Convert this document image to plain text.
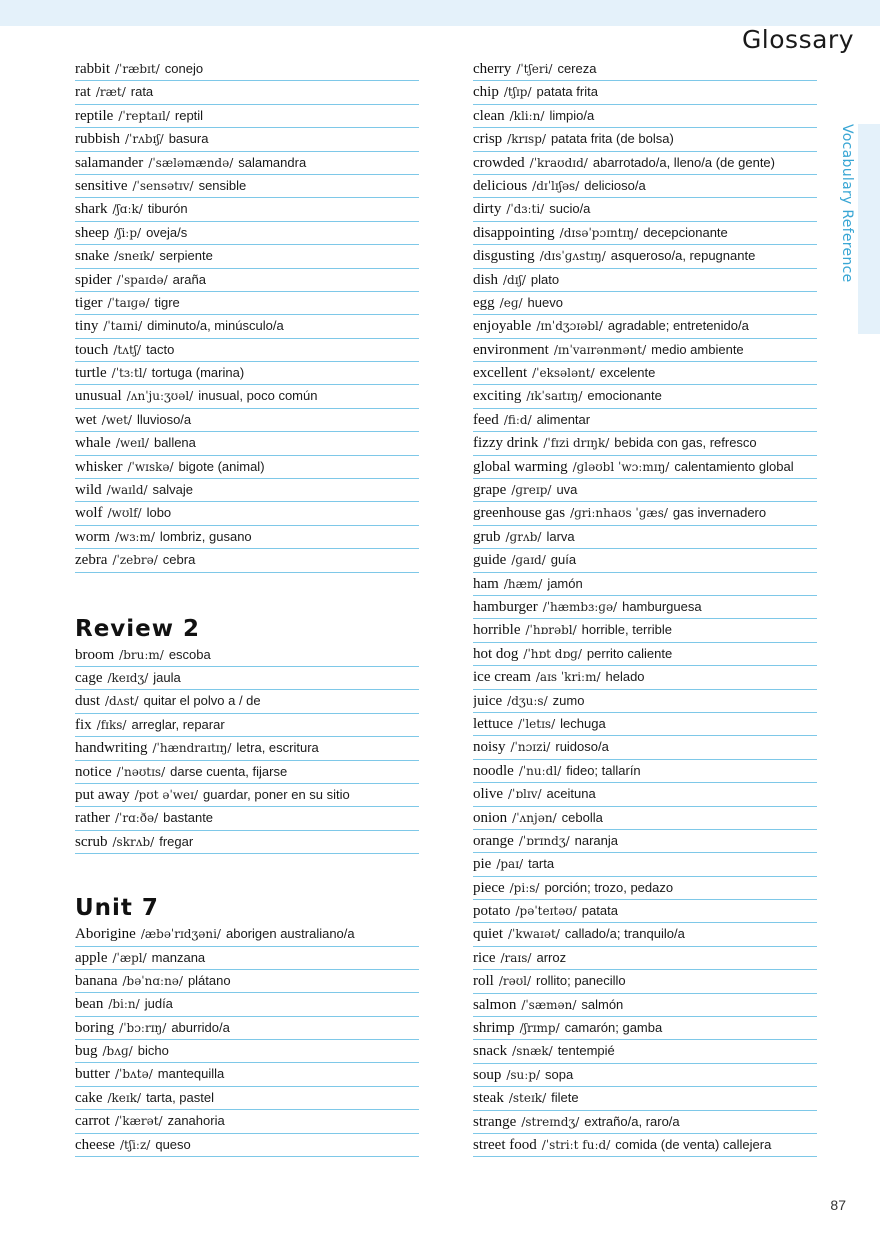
Glossary
Vocabulary Reference
rabbit /ˈræbɪt/ conejo
rat /ræt/ rata
reptile /ˈreptaɪl/ reptil
rubbish /ˈrʌbɪʃ/ basura
salamander /ˈsæləmændə/ salamandra
sensitive /ˈsensətɪv/ sensible
shark /ʃɑːk/ tiburón
sheep /ʃiːp/ oveja/s
snake /sneɪk/ serpiente
spider /ˈspaɪdə/ araña
tiger /ˈtaɪɡə/ tigre
tiny /ˈtaɪni/ diminuto/a, minúsculo/a
touch /tʌtʃ/ tacto
turtle /ˈtɜːtl/ tortuga (marina)
unusual /ʌnˈjuːʒʊəl/ inusual, poco común
wet /wet/ lluvioso/a
whale /weɪl/ ballena
whisker /ˈwɪskə/ bigote (animal)
wild /waɪld/ salvaje
wolf /wʊlf/ lobo
worm /wɜːm/ lombriz, gusano
zebra /ˈzebrə/ cebra
Review 2
broom /bruːm/ escoba
cage /keɪdʒ/ jaula
dust /dʌst/ quitar el polvo a / de
fix /fɪks/ arreglar, reparar
handwriting /ˈhændraɪtɪŋ/ letra, escritura
notice /ˈnəʊtɪs/ darse cuenta, fijarse
put away /pʊt əˈweɪ/ guardar, poner en su sitio
rather /ˈrɑːðə/ bastante
scrub /skrʌb/ fregar
Unit 7
Aborigine /æbəˈrɪdʒəni/ aborigen australiano/a
apple /ˈæpl/ manzana
banana /bəˈnɑːnə/ plátano
bean /biːn/ judía
boring /ˈbɔːrɪŋ/ aburrido/a
bug /bʌɡ/ bicho
butter /ˈbʌtə/ mantequilla
cake /keɪk/ tarta, pastel
carrot /ˈkærət/ zanahoria
cheese /tʃiːz/ queso
cherry /ˈtʃeri/ cereza
chip /tʃɪp/ patata frita
clean /kliːn/ limpio/a
crisp /krɪsp/ patata frita (de bolsa)
crowded /ˈkraʊdɪd/ abarrotado/a, lleno/a (de gente)
delicious /dɪˈlɪʃəs/ delicioso/a
dirty /ˈdɜːti/ sucio/a
disappointing /dɪsəˈpɔɪntɪŋ/ decepcionante
disgusting /dɪsˈɡʌstɪŋ/ asqueroso/a, repugnante
dish /dɪʃ/ plato
egg /eɡ/ huevo
enjoyable /ɪnˈdʒɔɪəbl/ agradable; entretenido/a
environment /ɪnˈvaɪrənmənt/ medio ambiente
excellent /ˈeksələnt/ excelente
exciting /ɪkˈsaɪtɪŋ/ emocionante
feed /fiːd/ alimentar
fizzy drink /ˈfɪzi drɪŋk/ bebida con gas, refresco
global warming /ɡləʊbl ˈwɔːmɪŋ/ calentamiento global
grape /ɡreɪp/ uva
greenhouse gas /ɡriːnhaʊs ˈɡæs/ gas invernadero
grub /ɡrʌb/ larva
guide /ɡaɪd/ guía
ham /hæm/ jamón
hamburger /ˈhæmbɜːɡə/ hamburguesa
horrible /ˈhɒrəbl/ horrible, terrible
hot dog /ˈhɒt dɒɡ/ perrito caliente
ice cream /aɪs ˈkriːm/ helado
juice /dʒuːs/ zumo
lettuce /ˈletɪs/ lechuga
noisy /ˈnɔɪzi/ ruidoso/a
noodle /ˈnuːdl/ fideo; tallarín
olive /ˈɒlɪv/ aceituna
onion /ˈʌnjən/ cebolla
orange /ˈɒrɪndʒ/ naranja
pie /paɪ/ tarta
piece /piːs/ porción; trozo, pedazo
potato /pəˈteɪtəʊ/ patata
quiet /ˈkwaɪət/ callado/a; tranquilo/a
rice /raɪs/ arroz
roll /rəʊl/ rollito; panecillo
salmon /ˈsæmən/ salmón
shrimp /ʃrɪmp/ camarón; gamba
snack /snæk/ tentempié
soup /suːp/ sopa
steak /steɪk/ filete
strange /streɪndʒ/ extraño/a, raro/a
street food /ˈstriːt fuːd/ comida (de venta) callejera
87
